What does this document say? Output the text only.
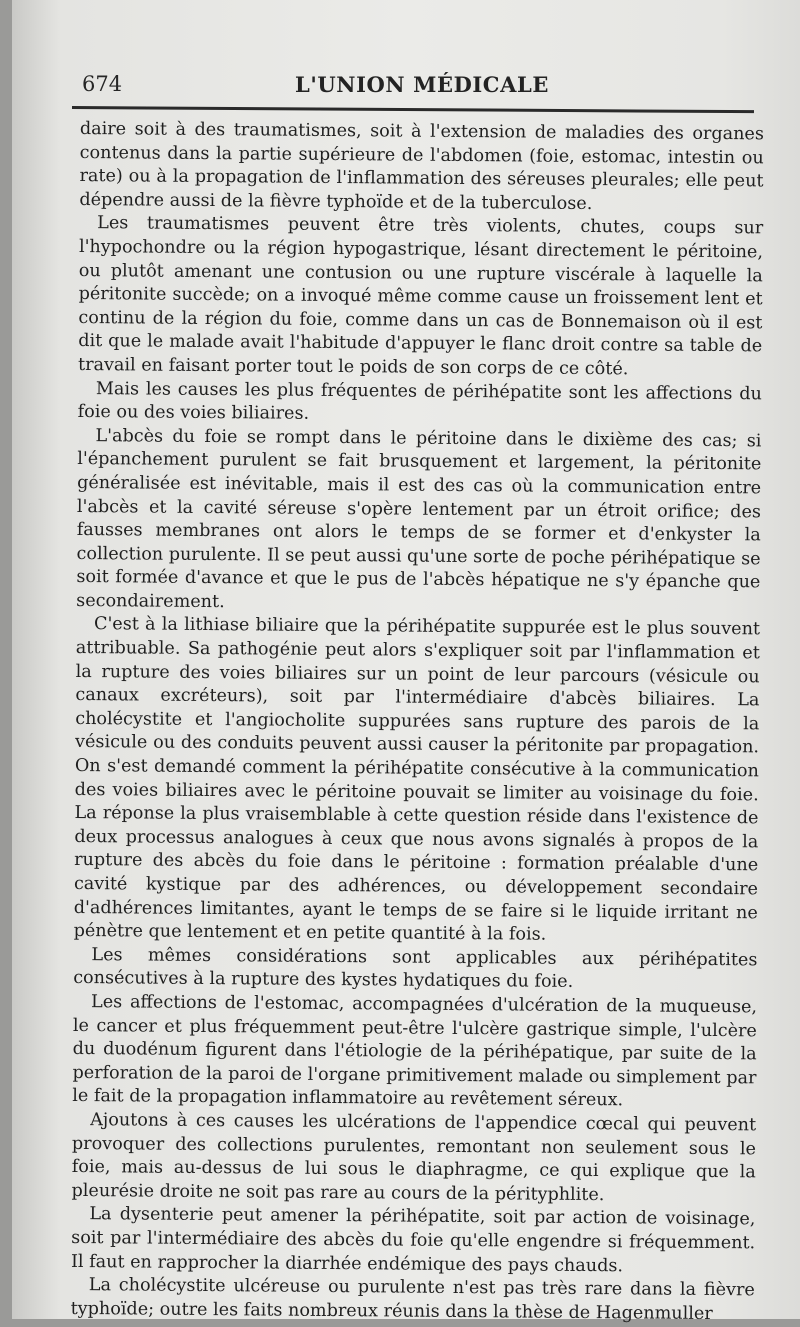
674	L'UNION MÉDICALE

daire soit à des traumatismes, soit à l'extension de maladies des organes contenus dans la partie supérieure de l'abdomen (foie, estomac, intestin ou rate) ou à la propagation de l'inflammation des séreuses pleurales; elle peut dépendre aussi de la fièvre typhoïde et de la tuberculose.

Les traumatismes peuvent être très violents, chutes, coups sur l'hypochondre ou la région hypogastrique, lésant directement le péritoine, ou plutôt amenant une contusion ou une rupture viscérale à laquelle la péritonite succède; on a invoqué même comme cause un froissement lent et continu de la région du foie, comme dans un cas de Bonnemaison où il est dit que le malade avait l'habitude d'appuyer le flanc droit contre sa table de travail en faisant porter tout le poids de son corps de ce côté.

Mais les causes les plus fréquentes de périhépatite sont les affections du foie ou des voies biliaires.

L'abcès du foie se rompt dans le péritoine dans le dixième des cas; si l'épanchement purulent se fait brusquement et largement, la péritonite généralisée est inévitable, mais il est des cas où la communication entre l'abcès et la cavité séreuse s'opère lentement par un étroit orifice; des fausses membranes ont alors le temps de se former et d'enkyster la collection purulente. Il se peut aussi qu'une sorte de poche périhépatique se soit formée d'avance et que le pus de l'abcès hépatique ne s'y épanche que secondairement.

C'est à la lithiase biliaire que la périhépatite suppurée est le plus souvent attribuable. Sa pathogénie peut alors s'expliquer soit par l'inflammation et la rupture des voies biliaires sur un point de leur parcours (vésicule ou canaux excréteurs), soit par l'intermédiaire d'abcès biliaires. La cholécystite et l'angiocholite suppurées sans rupture des parois de la vésicule ou des conduits peuvent aussi causer la péritonite par propagation. On s'est demandé comment la périhépatite consécutive à la communication des voies biliaires avec le péritoine pouvait se limiter au voisinage du foie. La réponse la plus vraisemblable à cette question réside dans l'existence de deux processus analogues à ceux que nous avons signalés à propos de la rupture des abcès du foie dans le péritoine : formation préalable d'une cavité kystique par des adhérences, ou développement secondaire d'adhérences limitantes, ayant le temps de se faire si le liquide irritant ne pénètre que lentement et en petite quantité à la fois.

Les mêmes considérations sont applicables aux périhépatites consécutives à la rupture des kystes hydatiques du foie.

Les affections de l'estomac, accompagnées d'ulcération de la muqueuse, le cancer et plus fréquemment peut-être l'ulcère gastrique simple, l'ulcère du duodénum figurent dans l'étiologie de la périhépatique, par suite de la perforation de la paroi de l'organe primitivement malade ou simplement par le fait de la propagation inflammatoire au revêtement séreux.

Ajoutons à ces causes les ulcérations de l'appendice cœcal qui peuvent provoquer des collections purulentes, remontant non seulement sous le foie, mais au-dessus de lui sous le diaphragme, ce qui explique que la pleurésie droite ne soit pas rare au cours de la pérityphlite.

La dysenterie peut amener la périhépatite, soit par action de voisinage, soit par l'intermédiaire des abcès du foie qu'elle engendre si fréquemment. Il faut en rapprocher la diarrhée endémique des pays chauds.

La cholécystite ulcéreuse ou purulente n'est pas très rare dans la fièvre typhoïde; outre les faits nombreux réunis dans la thèse de Hagenmuller
